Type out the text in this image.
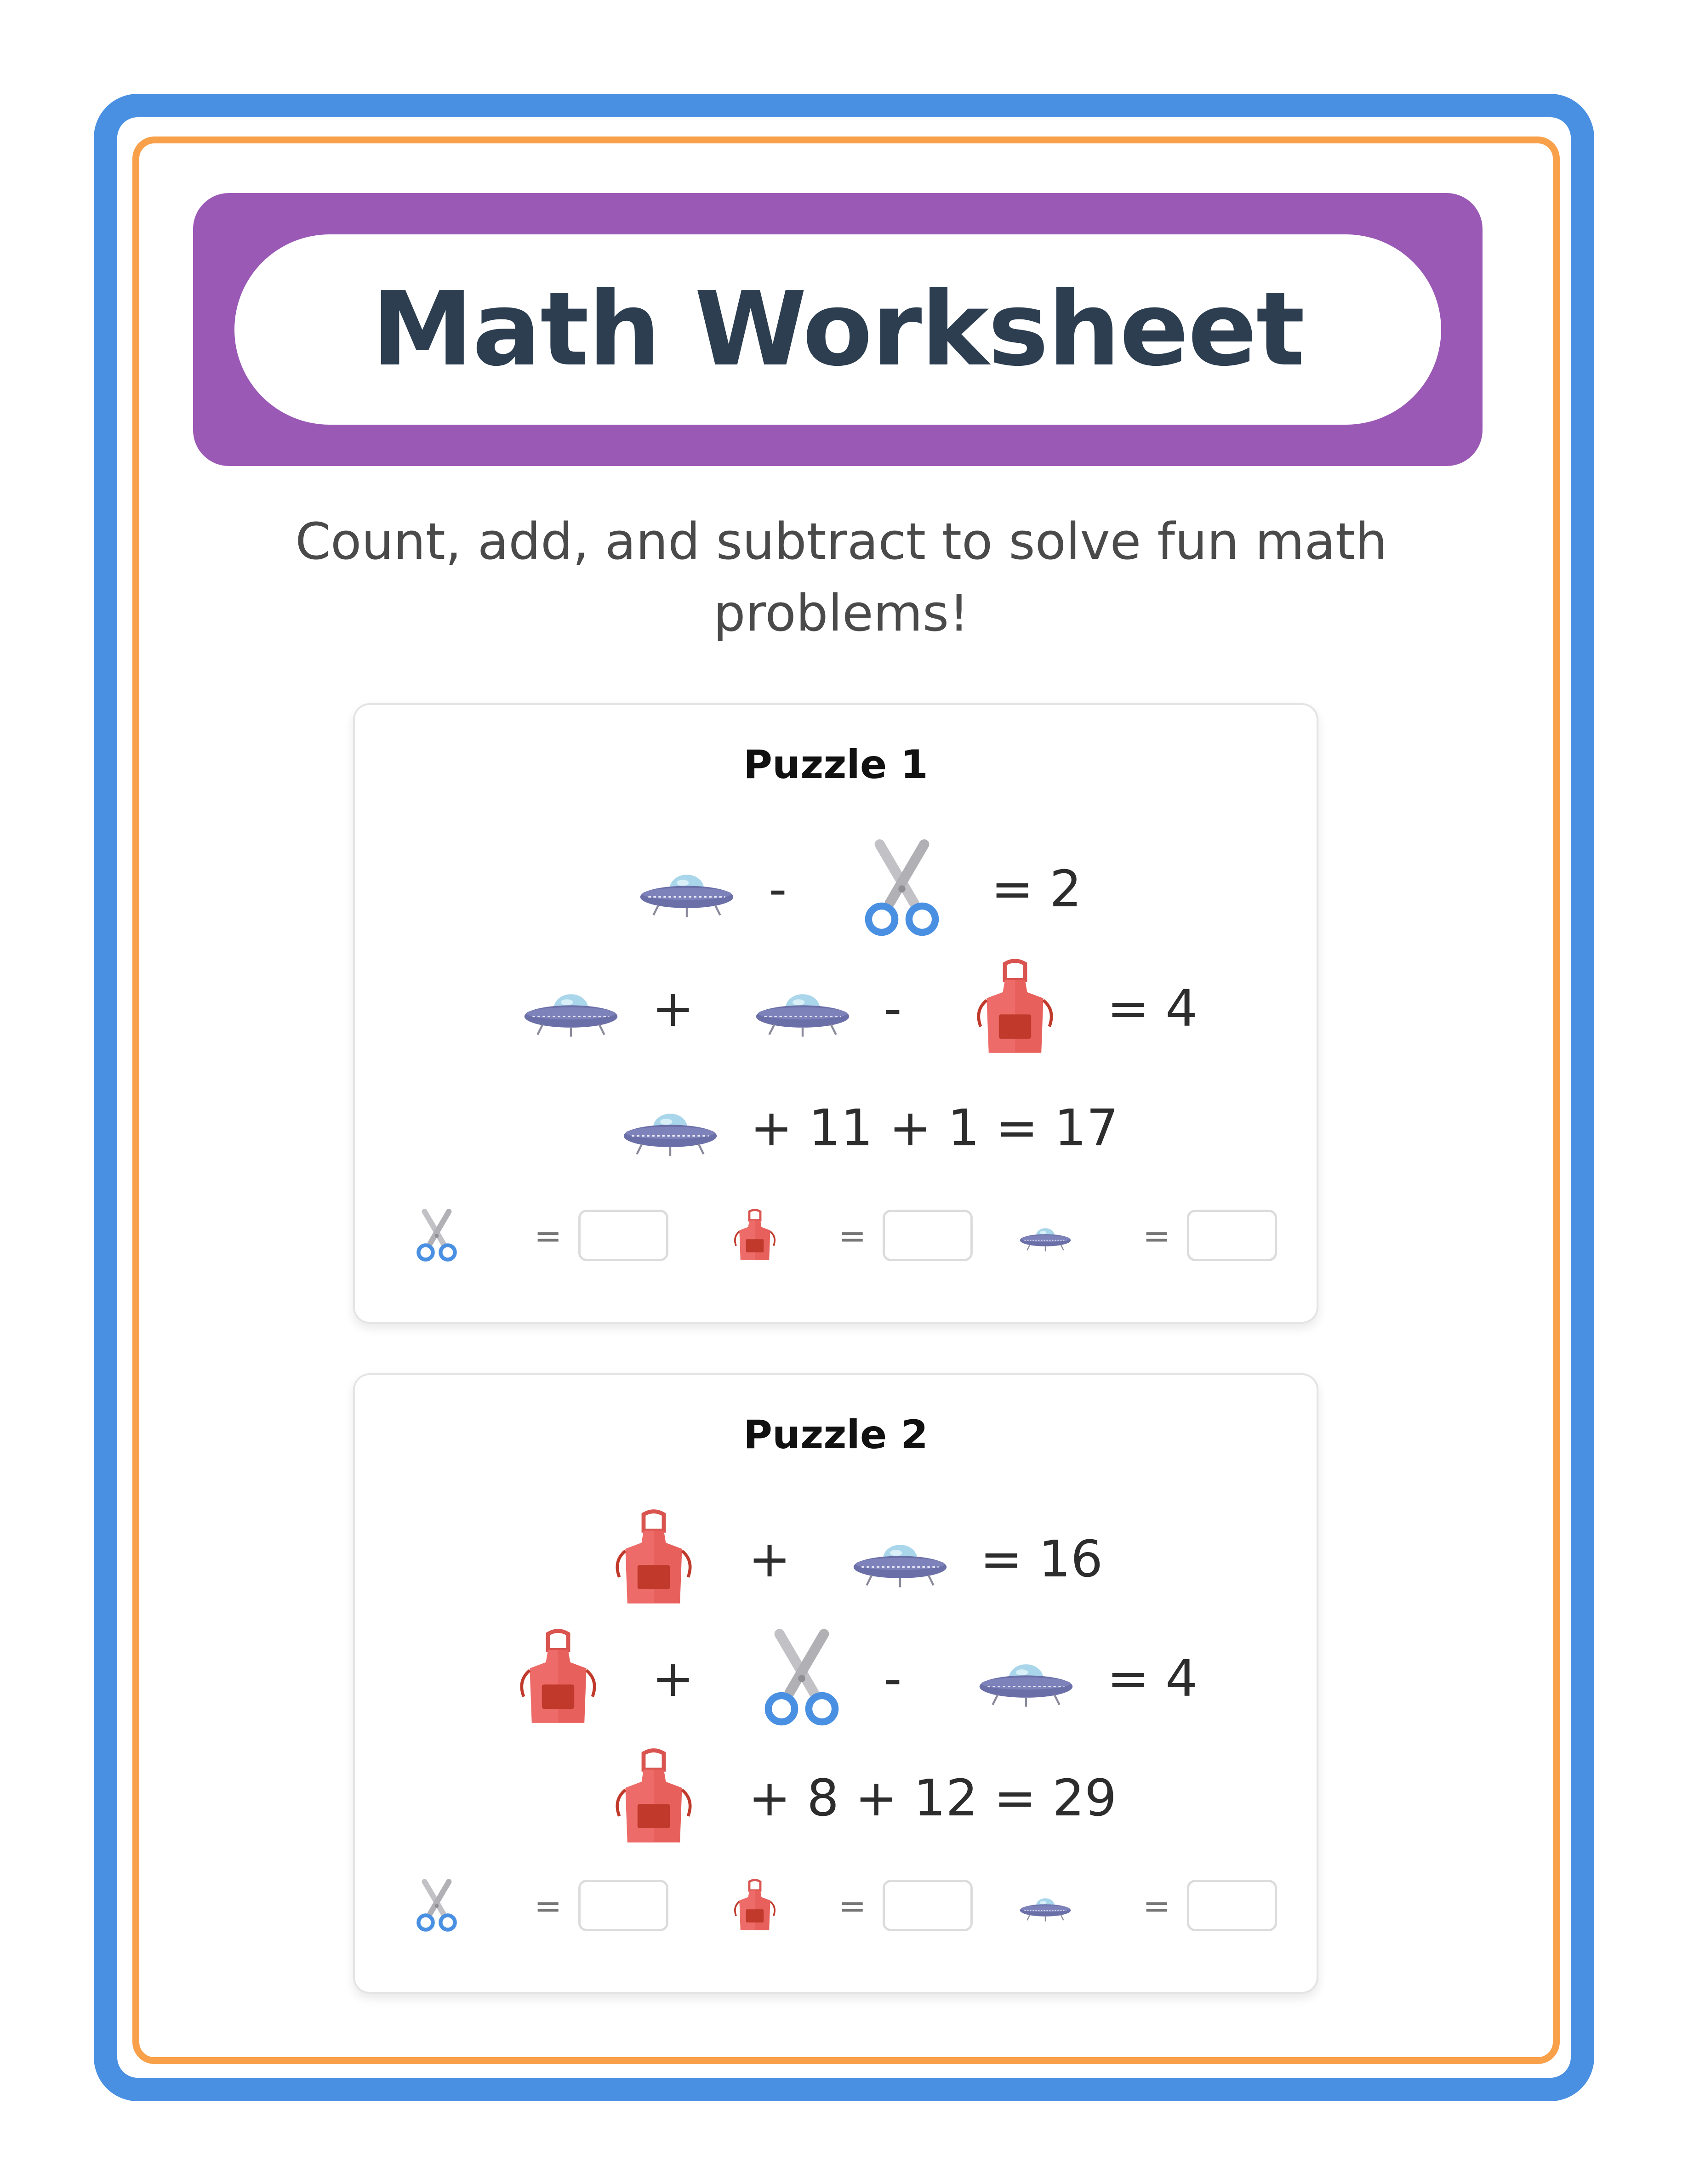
Math Worksheet
Count, add, and subtract to solve fun math problems!
Puzzle 1
-	= 2
+	-	= 4
+ 11 + 1 = 17
=	=	=
Puzzle 2
+	= 16
+	-	= 4
+ 8 + 12 = 29
=	=	=
